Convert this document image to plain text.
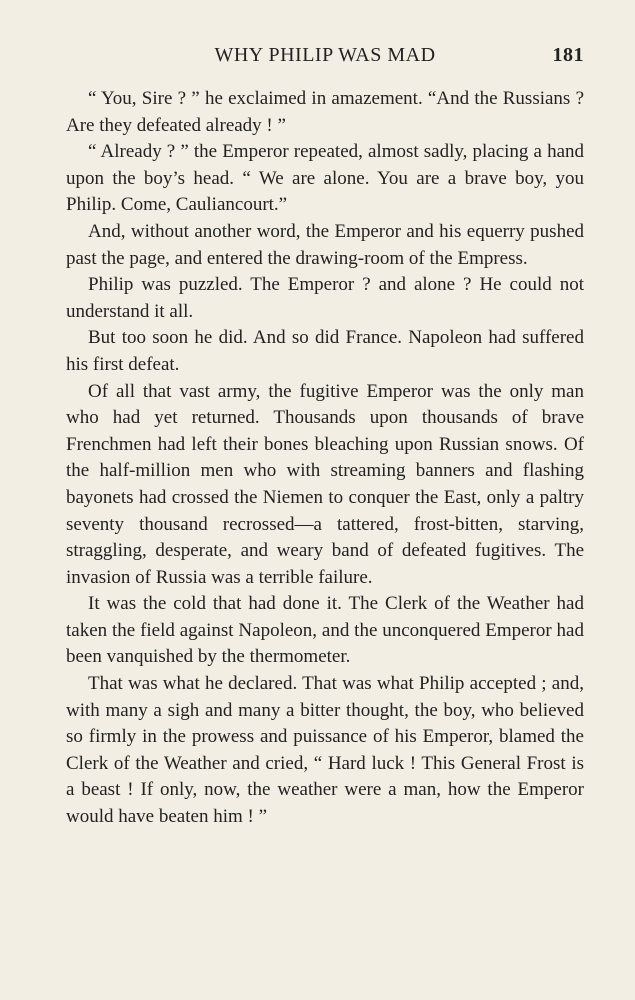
WHY PHILIP WAS MAD	181

“ You, Sire ? ” he exclaimed in amazement. “And the Russians ? Are they defeated already ! ”

“ Already ? ” the Emperor repeated, almost sadly, placing a hand upon the boy’s head. “ We are alone. You are a brave boy, you Philip. Come, Cauliancourt.”

And, without another word, the Emperor and his equerry pushed past the page, and entered the drawing-room of the Empress.

Philip was puzzled. The Emperor ? and alone ? He could not understand it all.

But too soon he did. And so did France. Napoleon had suffered his first defeat.

Of all that vast army, the fugitive Emperor was the only man who had yet returned. Thousands upon thousands of brave Frenchmen had left their bones bleaching upon Russian snows. Of the half-million men who with streaming banners and flashing bayonets had crossed the Niemen to conquer the East, only a paltry seventy thousand recrossed—a tattered, frost-bitten, starving, straggling, desperate, and weary band of defeated fugitives. The invasion of Russia was a terrible failure.

It was the cold that had done it. The Clerk of the Weather had taken the field against Napoleon, and the unconquered Emperor had been vanquished by the thermometer.

That was what he declared. That was what Philip accepted ; and, with many a sigh and many a bitter thought, the boy, who believed so firmly in the prowess and puissance of his Emperor, blamed the Clerk of the Weather and cried, “ Hard luck ! This General Frost is a beast ! If only, now, the weather were a man, how the Emperor would have beaten him ! ”
